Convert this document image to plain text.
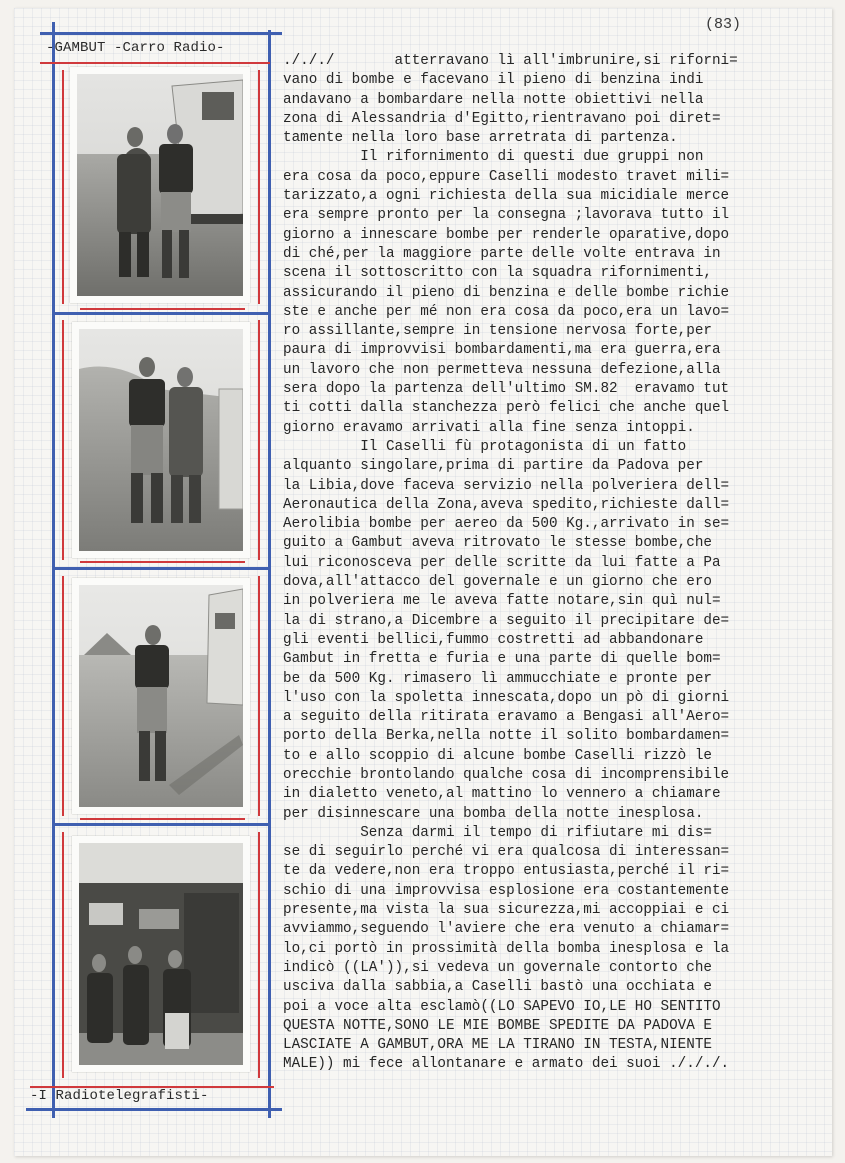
(83)
-GAMBUT -Carro Radio-
-I Radiotelegrafisti-
./././       atterravano lì all'imbrunire,si riforni=
vano di bombe e facevano il pieno di benzina indi
andavano a bombardare nella notte obiettivi nella
zona di Alessandria d'Egitto,rientravano poi diret=
tamente nella loro base arretrata di partenza.
Il rifornimento di questi due gruppi non
era cosa da poco,eppure Caselli modesto travet mili=
tarizzato,a ogni richiesta della sua micidiale merce
era sempre pronto per la consegna ;lavorava tutto il
giorno a innescare bombe per renderle oparative,dopo
di ché,per la maggiore parte delle volte entrava in
scena il sottoscritto con la squadra rifornimenti,
assicurando il pieno di benzina e delle bombe richie
ste e anche per mé non era cosa da poco,era un lavo=
ro assillante,sempre in tensione nervosa forte,per
paura di improvvisi bombardamenti,ma era guerra,era
un lavoro che non permetteva nessuna defezione,alla
sera dopo la partenza dell'ultimo SM.82  eravamo tut
ti cotti dalla stanchezza però felici che anche quel
giorno eravamo arrivati alla fine senza intoppi.
Il Caselli fù protagonista di un fatto
alquanto singolare,prima di partire da Padova per
la Libia,dove faceva servizio nella polveriera dell=
Aeronautica della Zona,aveva spedito,richieste dall=
Aerolibia bombe per aereo da 500 Kg.,arrivato in se=
guito a Gambut aveva ritrovato le stesse bombe,che
lui riconosceva per delle scritte da lui fatte a Pa
dova,all'attacco del governale e un giorno che ero
in polveriera me le aveva fatte notare,sin quì nul=
la di strano,a Dicembre a seguito il precipitare de=
gli eventi bellici,fummo costretti ad abbandonare
Gambut in fretta e furia e una parte di quelle bom=
be da 500 Kg. rimasero lì ammucchiate e pronte per
l'uso con la spoletta innescata,dopo un pò di giorni
a seguito della ritirata eravamo a Bengasi all'Aero=
porto della Berka,nella notte il solito bombardamen=
to e allo scoppio di alcune bombe Caselli rizzò le
orecchie brontolando qualche cosa di incomprensibile
in dialetto veneto,al mattino lo vennero a chiamare
per disinnescare una bomba della notte inesplosa.
Senza darmi il tempo di rifiutare mi dis=
se di seguirlo perché vi era qualcosa di interessan=
te da vedere,non era troppo entusiasta,perché il ri=
schio di una improvvisa esplosione era costantemente
presente,ma vista la sua sicurezza,mi accoppiai e ci
avviammo,seguendo l'aviere che era venuto a chiamar=
lo,ci portò in prossimità della bomba inesplosa e la
indicò ((LA')),si vedeva un governale contorto che
usciva dalla sabbia,a Caselli bastò una occhiata e
poi a voce alta esclamò((LO SAPEVO IO,LE HO SENTITO
QUESTA NOTTE,SONO LE MIE BOMBE SPEDITE DA PADOVA E
LASCIATE A GAMBUT,ORA ME LA TIRANO IN TESTA,NIENTE
MALE)) mi fece allontanare e armato dei suoi ./././.
